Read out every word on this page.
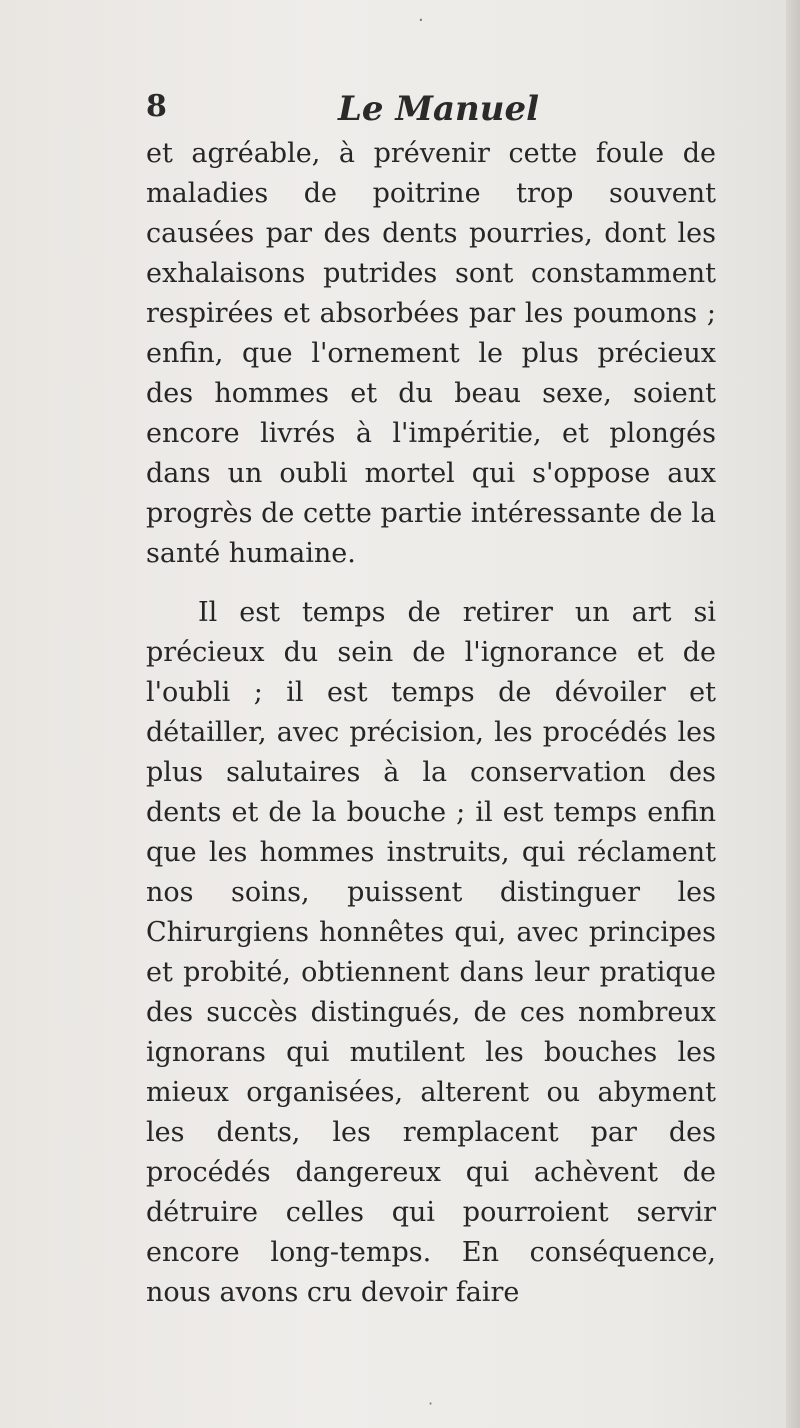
8	Le Manuel

et agréable, à prévenir cette foule de maladies de poitrine trop souvent causées par des dents pourries, dont les exhalaisons putrides sont constamment respirées et absorbées par les poumons ; enfin, que l'ornement le plus précieux des hommes et du beau sexe, soient encore livrés à l'impéritie, et plongés dans un oubli mortel qui s'oppose aux progrès de cette partie intéressante de la santé humaine.

Il est temps de retirer un art si précieux du sein de l'ignorance et de l'oubli ; il est temps de dévoiler et détailler, avec précision, les procédés les plus salutaires à la conservation des dents et de la bouche ; il est temps enfin que les hommes instruits, qui réclament nos soins, puissent distinguer les Chirurgiens honnêtes qui, avec principes et probité, obtiennent dans leur pratique des succès distingués, de ces nombreux ignorans qui mutilent les bouches les mieux organisées, alterent ou abyment les dents, les remplacent par des procédés dangereux qui achèvent de détruire celles qui pourroient servir encore long-temps. En conséquence, nous avons cru devoir faire

·
·
